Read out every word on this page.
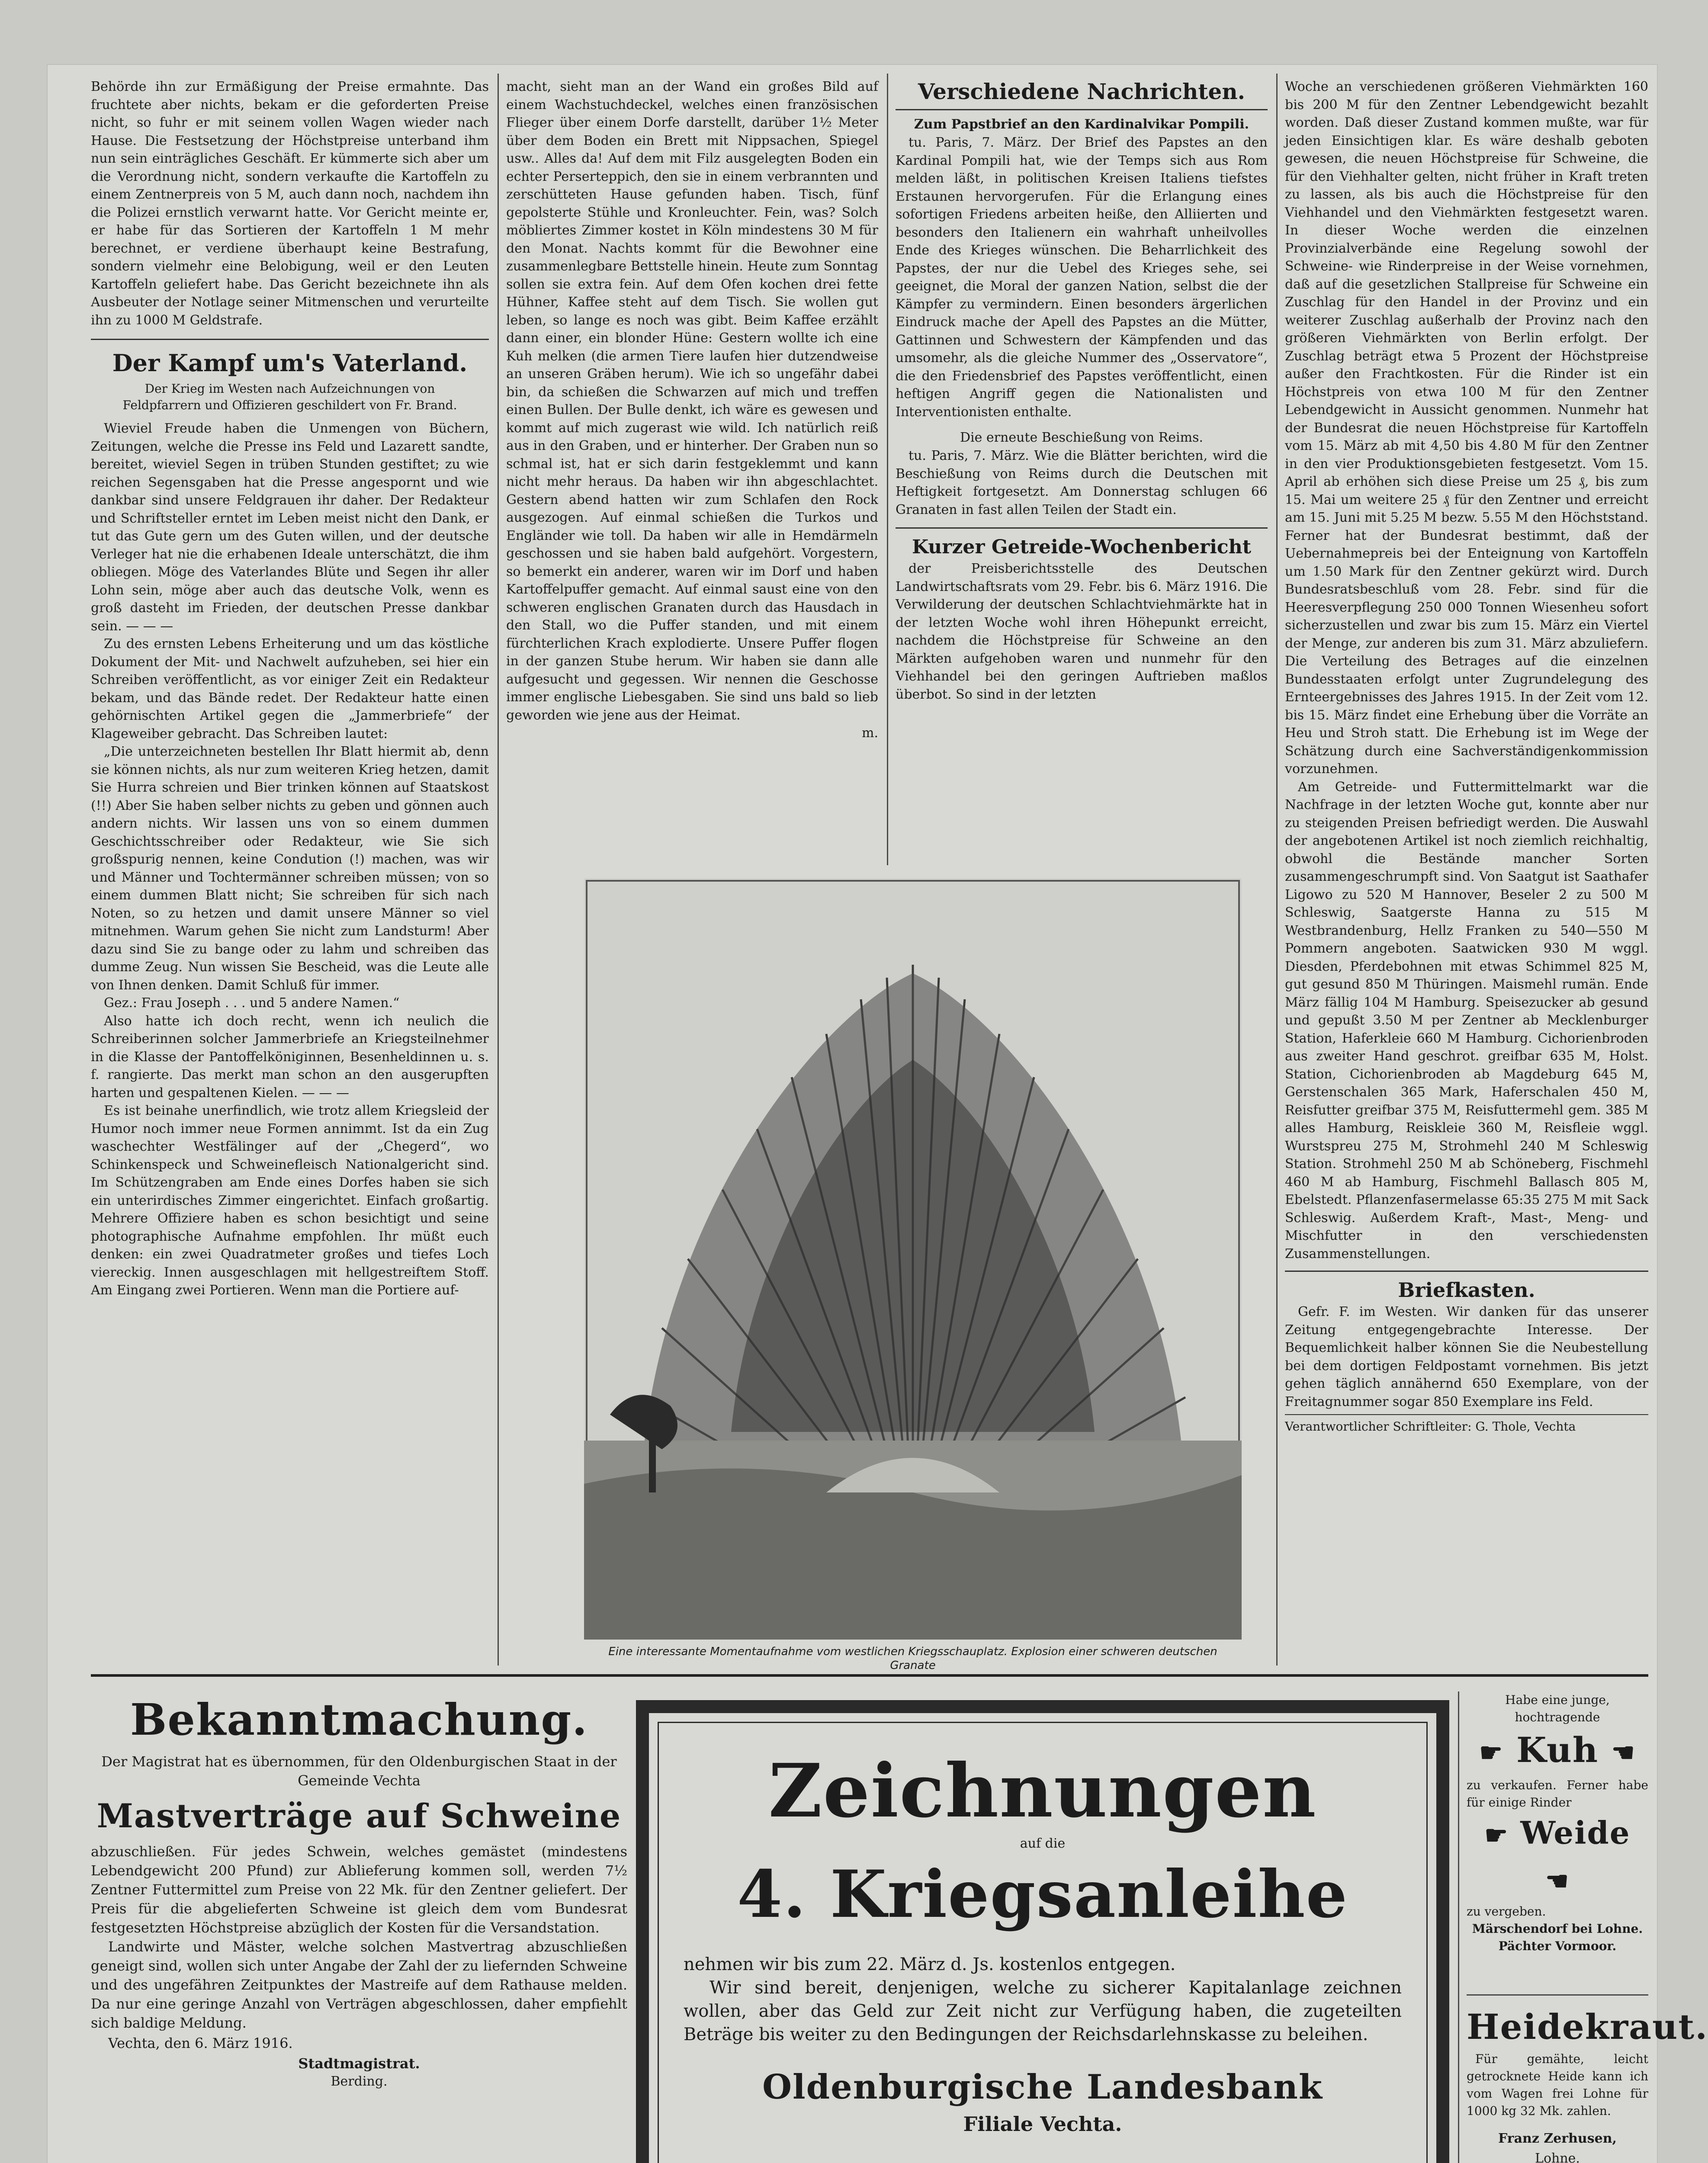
Behörde ihn zur Ermäßigung der Preise ermahnte. Das fruchtete aber nichts, bekam er die geforderten Preise nicht, so fuhr er mit seinem vollen Wagen wieder nach Hause. Die Festsetzung der Höchstpreise unterband ihm nun sein einträgliches Geschäft. Er kümmerte sich aber um die Verordnung nicht, sondern verkaufte die Kartoffeln zu einem Zentnerpreis von 5 M, auch dann noch, nachdem ihn die Polizei ernstlich verwarnt hatte. Vor Gericht meinte er, er habe für das Sortieren der Kartoffeln 1 M mehr berechnet, er verdiene überhaupt keine Bestrafung, sondern vielmehr eine Belobigung, weil er den Leuten Kartoffeln geliefert habe. Das Gericht bezeichnete ihn als Ausbeuter der Notlage seiner Mitmenschen und verurteilte ihn zu 1000 M Geldstrafe.

Der Kampf um's Vaterland.

Der Krieg im Westen nach Aufzeichnungen von Feldpfarrern und Offizieren geschildert von Fr. Brand.

Wieviel Freude haben die Unmengen von Büchern, Zeitungen, welche die Presse ins Feld und Lazarett sandte, bereitet, wieviel Segen in trüben Stunden gestiftet; zu wie reichen Segensgaben hat die Presse angespornt und wie dankbar sind unsere Feldgrauen ihr daher. Der Redakteur und Schriftsteller erntet im Leben meist nicht den Dank, er tut das Gute gern um des Guten willen, und der deutsche Verleger hat nie die erhabenen Ideale unterschätzt, die ihm obliegen. Möge des Vaterlandes Blüte und Segen ihr aller Lohn sein, möge aber auch das deutsche Volk, wenn es groß dasteht im Frieden, der deutschen Presse dankbar sein. — — —

Zu des ernsten Lebens Erheiterung und um das köstliche Dokument der Mit- und Nachwelt aufzuheben, sei hier ein Schreiben veröffentlicht, as vor einiger Zeit ein Redakteur bekam, und das Bände redet. Der Redakteur hatte einen gehörnischten Artikel gegen die „Jammerbriefe“ der Klageweiber gebracht. Das Schreiben lautet:

„Die unterzeichneten bestellen Ihr Blatt hiermit ab, denn sie können nichts, als nur zum weiteren Krieg hetzen, damit Sie Hurra schreien und Bier trinken können auf Staatskost (!!) Aber Sie haben selber nichts zu geben und gönnen auch andern nichts. Wir lassen uns von so einem dummen Geschichtsschreiber oder Redakteur, wie Sie sich großspurig nennen, keine Condution (!) machen, was wir und Männer und Tochtermänner schreiben müssen; von so einem dummen Blatt nicht; Sie schreiben für sich nach Noten, so zu hetzen und damit unsere Männer so viel mitnehmen. Warum gehen Sie nicht zum Landsturm! Aber dazu sind Sie zu bange oder zu lahm und schreiben das dumme Zeug. Nun wissen Sie Bescheid, was die Leute alle von Ihnen denken. Damit Schluß für immer.

Gez.: Frau Joseph . . . und 5 andere Namen.“

Also hatte ich doch recht, wenn ich neulich die Schreiberinnen solcher Jammerbriefe an Kriegsteilnehmer in die Klasse der Pantoffelköniginnen, Besenheldinnen u. s. f. rangierte. Das merkt man schon an den ausgerupften harten und gespaltenen Kielen. — — —

Es ist beinahe unerfindlich, wie trotz allem Kriegsleid der Humor noch immer neue Formen annimmt. Ist da ein Zug waschechter Westfälinger auf der „Chegerd“, wo Schinkenspeck und Schweinefleisch Nationalgericht sind. Im Schützengraben am Ende eines Dorfes haben sie sich ein unterirdisches Zimmer eingerichtet. Einfach großartig. Mehrere Offiziere haben es schon besichtigt und seine photographische Aufnahme empfohlen. Ihr müßt euch denken: ein zwei Quadratmeter großes und tiefes Loch viereckig. Innen ausgeschlagen mit hellgestreiftem Stoff. Am Eingang zwei Portieren. Wenn man die Portiere auf-

macht, sieht man an der Wand ein großes Bild auf einem Wachstuchdeckel, welches einen französischen Flieger über einem Dorfe darstellt, darüber 1½ Meter über dem Boden ein Brett mit Nippsachen, Spiegel usw.. Alles da! Auf dem mit Filz ausgelegten Boden ein echter Perserteppich, den sie in einem verbrannten und zerschütteten Hause gefunden haben. Tisch, fünf gepolsterte Stühle und Kronleuchter. Fein, was? Solch möbliertes Zimmer kostet in Köln mindestens 30 M für den Monat. Nachts kommt für die Bewohner eine zusammenlegbare Bettstelle hinein. Heute zum Sonntag sollen sie extra fein. Auf dem Ofen kochen drei fette Hühner, Kaffee steht auf dem Tisch. Sie wollen gut leben, so lange es noch was gibt. Beim Kaffee erzählt dann einer, ein blonder Hüne: Gestern wollte ich eine Kuh melken (die armen Tiere laufen hier dutzendweise an unseren Gräben herum). Wie ich so ungefähr dabei bin, da schießen die Schwarzen auf mich und treffen einen Bullen. Der Bulle denkt, ich wäre es gewesen und kommt auf mich zugerast wie wild. Ich natürlich reiß aus in den Graben, und er hinterher. Der Graben nun so schmal ist, hat er sich darin festgeklemmt und kann nicht mehr heraus. Da haben wir ihn abgeschlachtet. Gestern abend hatten wir zum Schlafen den Rock ausgezogen. Auf einmal schießen die Turkos und Engländer wie toll. Da haben wir alle in Hemdärmeln geschossen und sie haben bald aufgehört. Vorgestern, so bemerkt ein anderer, waren wir im Dorf und haben Kartoffelpuffer gemacht. Auf einmal saust eine von den schweren englischen Granaten durch das Hausdach in den Stall, wo die Puffer standen, und mit einem fürchterlichen Krach explodierte. Unsere Puffer flogen in der ganzen Stube herum. Wir haben sie dann alle aufgesucht und gegessen. Wir nennen die Geschosse immer englische Liebesgaben. Sie sind uns bald so lieb geworden wie jene aus der Heimat.

m.

Verschiedene Nachrichten.

Zum Papstbrief an den Kardinalvikar Pompili.

tu. Paris, 7. März. Der Brief des Papstes an den Kardinal Pompili hat, wie der Temps sich aus Rom melden läßt, in politischen Kreisen Italiens tiefstes Erstaunen hervorgerufen. Für die Erlangung eines sofortigen Friedens arbeiten heiße, den Alliierten und besonders den Italienern ein wahrhaft unheilvolles Ende des Krieges wünschen. Die Beharrlichkeit des Papstes, der nur die Uebel des Krieges sehe, sei geeignet, die Moral der ganzen Nation, selbst die der Kämpfer zu vermindern. Einen besonders ärgerlichen Eindruck mache der Apell des Papstes an die Mütter, Gattinnen und Schwestern der Kämpfenden und das umsomehr, als die gleiche Nummer des „Osservatore“, die den Friedensbrief des Papstes veröffentlicht, einen heftigen Angriff gegen die Nationalisten und Interventionisten enthalte.

Die erneute Beschießung von Reims.

tu. Paris, 7. März. Wie die Blätter berichten, wird die Beschießung von Reims durch die Deutschen mit Heftigkeit fortgesetzt. Am Donnerstag schlugen 66 Granaten in fast allen Teilen der Stadt ein.

Kurzer Getreide-Wochenbericht

der Preisberichtsstelle des Deutschen Landwirtschaftsrats vom 29. Febr. bis 6. März 1916. Die Verwilderung der deutschen Schlachtviehmärkte hat in der letzten Woche wohl ihren Höhepunkt erreicht, nachdem die Höchstpreise für Schweine an den Märkten aufgehoben waren und nunmehr für den Viehhandel bei den geringen Auftrieben maßlos überbot. So sind in der letzten

Woche an verschiedenen größeren Viehmärkten 160 bis 200 M für den Zentner Lebendgewicht bezahlt worden. Daß dieser Zustand kommen mußte, war für jeden Einsichtigen klar. Es wäre deshalb geboten gewesen, die neuen Höchstpreise für Schweine, die für den Viehhalter gelten, nicht früher in Kraft treten zu lassen, als bis auch die Höchstpreise für den Viehhandel und den Viehmärkten festgesetzt waren. In dieser Woche werden die einzelnen Provinzialverbände eine Regelung sowohl der Schweine- wie Rinderpreise in der Weise vornehmen, daß auf die gesetzlichen Stallpreise für Schweine ein Zuschlag für den Handel in der Provinz und ein weiterer Zuschlag außerhalb der Provinz nach den größeren Viehmärkten von Berlin erfolgt. Der Zuschlag beträgt etwa 5 Prozent der Höchstpreise außer den Frachtkosten. Für die Rinder ist ein Höchstpreis von etwa 100 M für den Zentner Lebendgewicht in Aussicht genommen. Nunmehr hat der Bundesrat die neuen Höchstpreise für Kartoffeln vom 15. März ab mit 4,50 bis 4.80 M für den Zentner in den vier Produktionsgebieten festgesetzt. Vom 15. April ab erhöhen sich diese Preise um 25 ₰, bis zum 15. Mai um weitere 25 ₰ für den Zentner und erreicht am 15. Juni mit 5.25 M bezw. 5.55 M den Höchststand. Ferner hat der Bundesrat bestimmt, daß der Uebernahmepreis bei der Enteignung von Kartoffeln um 1.50 Mark für den Zentner gekürzt wird. Durch Bundesratsbeschluß vom 28. Febr. sind für die Heeresverpflegung 250 000 Tonnen Wiesenheu sofort sicherzustellen und zwar bis zum 15. März ein Viertel der Menge, zur anderen bis zum 31. März abzuliefern. Die Verteilung des Betrages auf die einzelnen Bundesstaaten erfolgt unter Zugrundelegung des Ernteergebnisses des Jahres 1915. In der Zeit vom 12. bis 15. März findet eine Erhebung über die Vorräte an Heu und Stroh statt. Die Erhebung ist im Wege der Schätzung durch eine Sachverständigenkommission vorzunehmen.

Am Getreide- und Futtermittelmarkt war die Nachfrage in der letzten Woche gut, konnte aber nur zu steigenden Preisen befriedigt werden. Die Auswahl der angebotenen Artikel ist noch ziemlich reichhaltig, obwohl die Bestände mancher Sorten zusammengeschrumpft sind. Von Saatgut ist Saathafer Ligowo zu 520 M Hannover, Beseler 2 zu 500 M Schleswig, Saatgerste Hanna zu 515 M Westbrandenburg, Hellz Franken zu 540—550 M Pommern angeboten. Saatwicken 930 M wggl. Diesden, Pferdebohnen mit etwas Schimmel 825 M, gut gesund 850 M Thüringen. Maismehl rumän. Ende März fällig 104 M Hamburg. Speisezucker ab gesund und gepußt 3.50 M per Zentner ab Mecklenburger Station, Haferkleie 660 M Hamburg. Cichorienbroden aus zweiter Hand geschrot. greifbar 635 M, Holst. Station, Cichorienbroden ab Magdeburg 645 M, Gerstenschalen 365 Mark, Haferschalen 450 M, Reisfutter greifbar 375 M, Reisfuttermehl gem. 385 M alles Hamburg, Reiskleie 360 M, Reisfleie wggl. Wurstspreu 275 M, Strohmehl 240 M Schleswig Station. Strohmehl 250 M ab Schöneberg, Fischmehl 460 M ab Hamburg, Fischmehl Ballasch 805 M, Ebelstedt. Pflanzenfasermelasse 65:35 275 M mit Sack Schleswig. Außerdem Kraft-, Mast-, Meng- und Mischfutter in den verschiedensten Zusammenstellungen.

Briefkasten.

Gefr. F. im Westen. Wir danken für das unserer Zeitung entgegengebrachte Interesse. Der Bequemlichkeit halber können Sie die Neubestellung bei dem dortigen Feldpostamt vornehmen. Bis jetzt gehen täglich annähernd 650 Exemplare, von der Freitagnummer sogar 850 Exemplare ins Feld.

Verantwortlicher Schriftleiter: G. Thole, Vechta

Eine interessante Momentaufnahme vom westlichen Kriegsschauplatz. Explosion einer schweren deutschen Granate

Bekanntmachung.

Der Magistrat hat es übernommen, für den Oldenburgischen Staat in der Gemeinde Vechta

Mastverträge auf Schweine

abzuschließen. Für jedes Schwein, welches gemästet (mindestens Lebendgewicht 200 Pfund) zur Ablieferung kommen soll, werden 7½ Zentner Futtermittel zum Preise von 22 Mk. für den Zentner geliefert. Der Preis für die abgelieferten Schweine ist gleich dem vom Bundesrat festgesetzten Höchstpreise abzüglich der Kosten für die Versandstation.

Landwirte und Mäster, welche solchen Mastvertrag abzuschließen geneigt sind, wollen sich unter Angabe der Zahl der zu liefernden Schweine und des ungefähren Zeitpunktes der Mastreife auf dem Rathause melden. Da nur eine geringe Anzahl von Verträgen abgeschlossen, daher empfiehlt sich baldige Meldung.

Vechta, den 6. März 1916.

Stadtmagistrat.

Berding.

Zeichnungen

auf die

4. Kriegsanleihe

nehmen wir bis zum 22. März d. Js. kostenlos entgegen.

Wir sind bereit, denjenigen, welche zu sicherer Kapitalanlage zeichnen wollen, aber das Geld zur Zeit nicht zur Verfügung haben, die zugeteilten Beträge bis weiter zu den Bedingungen der Reichsdarlehnskasse zu beleihen.

Oldenburgische Landesbank

Filiale Vechta.

Habe eine junge, hochtragende

☛ Kuh ☚

zu verkaufen. Ferner habe für einige Rinder

☛ Weide ☚

zu vergeben.

Märschendorf bei Lohne.

Pächter Vormoor.

Heidekraut.

Für gemähte, leicht getrocknete Heide kann ich vom Wagen frei Lohne für 1000 kg 32 Mk. zahlen.

Franz Zerhusen,

Lohne.
